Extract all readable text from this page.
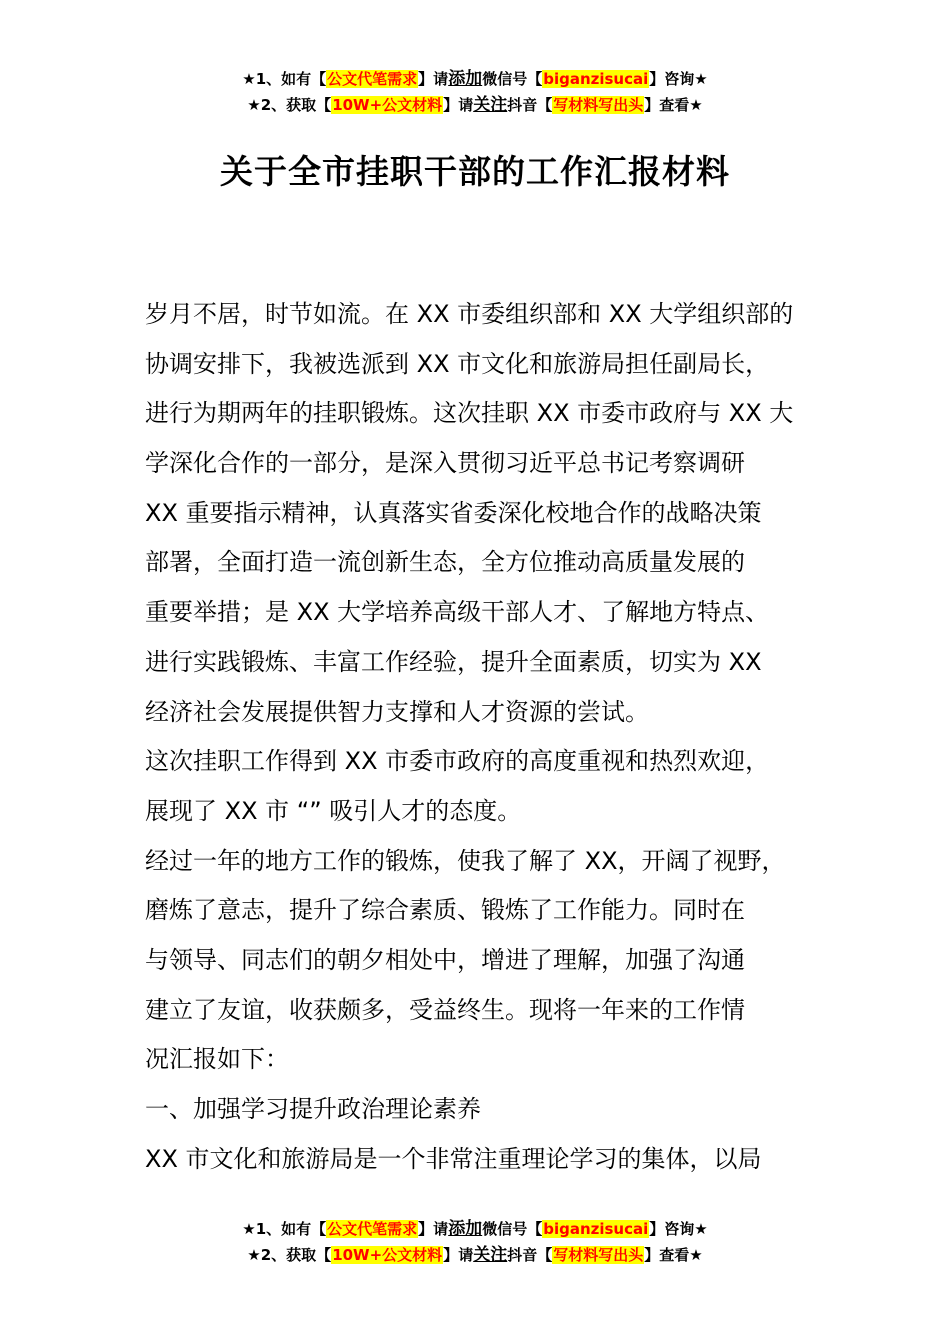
★1、如有【公文代笔需求】请添加微信号【biganzisucai】咨询★
★2、获取【10W+公文材料】请关注抖音【写材料写出头】查看★
关于全市挂职干部的工作汇报材料
岁月不居，时节如流。在 XX 市委组织部和 XX 大学组织部的
协调安排下，我被选派到 XX 市文化和旅游局担任副局长，
进行为期两年的挂职锻炼。这次挂职 XX 市委市政府与 XX 大
学深化合作的一部分，是深入贯彻习近平总书记考察调研
XX 重要指示精神，认真落实省委深化校地合作的战略决策
部署，全面打造一流创新生态，全方位推动高质量发展的
重要举措；是 XX 大学培养高级干部人才、了解地方特点、
进行实践锻炼、丰富工作经验，提升全面素质，切实为 XX
经济社会发展提供智力支撑和人才资源的尝试。
这次挂职工作得到 XX 市委市政府的高度重视和热烈欢迎，
展现了 XX 市 “” 吸引人才的态度。
经过一年的地方工作的锻炼，使我了解了 XX，开阔了视野，
磨炼了意志，提升了综合素质、锻炼了工作能力。同时在
与领导、同志们的朝夕相处中，增进了理解，加强了沟通
建立了友谊，收获颇多，受益终生。现将一年来的工作情
况汇报如下：
一、加强学习提升政治理论素养
XX 市文化和旅游局是一个非常注重理论学习的集体，以局
★1、如有【公文代笔需求】请添加微信号【biganzisucai】咨询★
★2、获取【10W+公文材料】请关注抖音【写材料写出头】查看★
